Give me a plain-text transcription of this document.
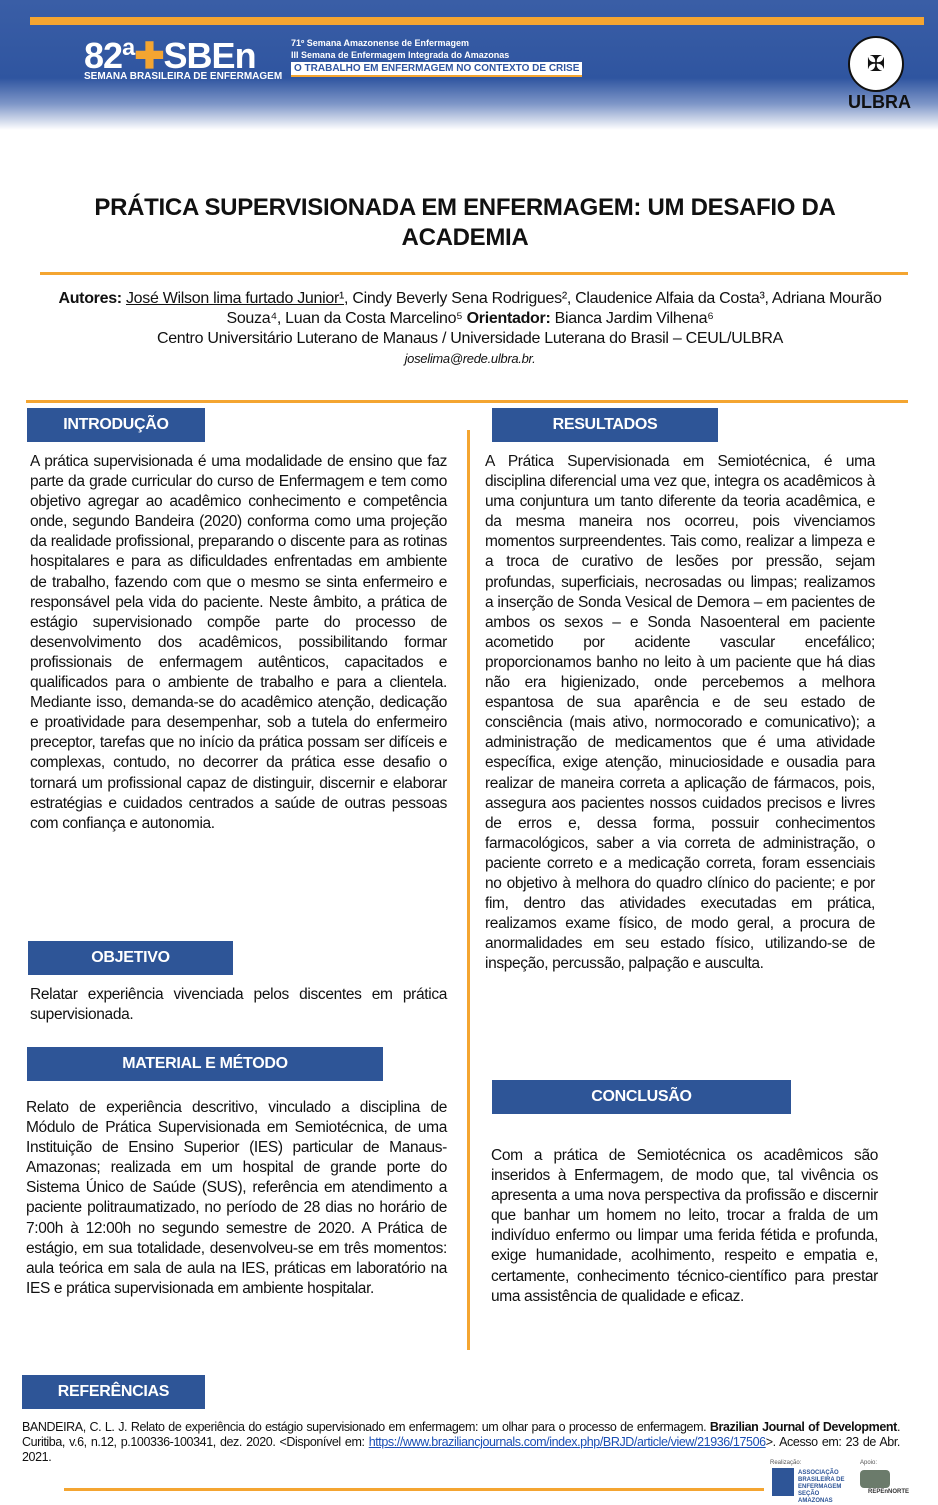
82ª✚SBEn
SEMANA BRASILEIRA DE ENFERMAGEM
71º Semana Amazonense de Enfermagem
III Semana de Enfermagem Integrada do Amazonas
O TRABALHO EM ENFERMAGEM NO CONTEXTO DE CRISE	✠
ULBRA
PRÁTICA SUPERVISIONADA EM ENFERMAGEM: UM DESAFIO DA ACADEMIA
Autores: José Wilson lima furtado Junior¹, Cindy Beverly Sena Rodrigues², Claudenice Alfaia da Costa³, Adriana Mourão Souza⁴, Luan da Costa Marcelino⁵ Orientador: Bianca Jardim Vilhena⁶
Centro Universitário Luterano de Manaus / Universidade Luterana do Brasil – CEUL/ULBRA
joselima@rede.ulbra.br.
INTRODUÇÃO
A prática supervisionada é uma modalidade de ensino que faz parte da grade curricular do curso de Enfermagem e tem como objetivo agregar ao acadêmico conhecimento e competência onde, segundo Bandeira (2020) conforma como uma projeção da realidade profissional, preparando o discente para as rotinas hospitalares e para as dificuldades enfrentadas em ambiente de trabalho, fazendo com que o mesmo se sinta enfermeiro e responsável pela vida do paciente. Neste âmbito, a prática de estágio supervisionado compõe parte do processo de desenvolvimento dos acadêmicos, possibilitando formar profissionais de enfermagem autênticos, capacitados e qualificados para o ambiente de trabalho e para a clientela. Mediante isso, demanda-se do acadêmico atenção, dedicação e proatividade para desempenhar, sob a tutela do enfermeiro preceptor, tarefas que no início da prática possam ser difíceis e complexas, contudo, no decorrer da prática esse desafio o tornará um profissional capaz de distinguir, discernir e elaborar estratégias e cuidados centrados a saúde de outras pessoas com confiança e autonomia.
OBJETIVO
Relatar experiência vivenciada pelos discentes em prática supervisionada.
MATERIAL E MÉTODO
Relato de experiência descritivo, vinculado a disciplina de Módulo de Prática Supervisionada em Semiotécnica, de uma Instituição de Ensino Superior (IES) particular de Manaus-Amazonas; realizada em um hospital de grande porte do Sistema Único de Saúde (SUS), referência em atendimento a paciente politraumatizado, no período de 28 dias no horário de 7:00h à 12:00h no segundo semestre de 2020. A Prática de estágio, em sua totalidade, desenvolveu-se em três momentos: aula teórica em sala de aula na IES, práticas em laboratório na IES e prática supervisionada em ambiente hospitalar.
RESULTADOS
A Prática Supervisionada em Semiotécnica, é uma disciplina diferencial uma vez que, integra os acadêmicos à uma conjuntura um tanto diferente da teoria acadêmica, e da mesma maneira nos ocorreu, pois vivenciamos momentos surpreendentes. Tais como, realizar a limpeza e a troca de curativo de lesões por pressão, sejam profundas, superficiais, necrosadas ou limpas; realizamos a inserção de Sonda Vesical de Demora – em pacientes de ambos os sexos – e Sonda Nasoenteral em paciente acometido por acidente vascular encefálico; proporcionamos banho no leito à um paciente que há dias não era higienizado, onde percebemos a melhora espantosa de sua aparência e de seu estado de consciência (mais ativo, normocorado e comunicativo); a administração de medicamentos que é uma atividade específica, exige atenção, minuciosidade e ousadia para realizar de maneira correta a aplicação de fármacos, pois, assegura aos pacientes nossos cuidados precisos e livres de erros e, dessa forma, possuir conhecimentos farmacológicos, saber a via correta de administração, o paciente correto e a medicação correta, foram essenciais no objetivo à melhora do quadro clínico do paciente; e por fim, dentro das atividades executadas em prática, realizamos exame físico, de modo geral, a procura de anormalidades em seu estado físico, utilizando-se de inspeção, percussão, palpação e ausculta.
CONCLUSÃO
Com a prática de Semiotécnica os acadêmicos são inseridos à Enfermagem, de modo que, tal vivência os apresenta a uma nova perspectiva da profissão e discernir que banhar um homem no leito, trocar a fralda de um indivíduo enfermo ou limpar uma ferida fétida e profunda, exige humanidade, acolhimento, respeito e empatia e, certamente, conhecimento técnico-científico para prestar uma assistência de qualidade e eficaz.
REFERÊNCIAS
BANDEIRA, C. L. J. Relato de experiência do estágio supervisionado em enfermagem: um olhar para o processo de enfermagem. Brazilian Journal of Development. Curitiba, v.6, n.12, p.100336-100341, dez. 2020. <Disponível em: https://www.braziliancjournals.com/index.php/BRJD/article/view/21936/17506>. Acesso em: 23 de Abr. 2021.	Realização:
ASSOCIAÇÃO BRASILEIRA DE ENFERMAGEM SEÇÃO AMAZONAS
Apoio:
REPEnNORTE
